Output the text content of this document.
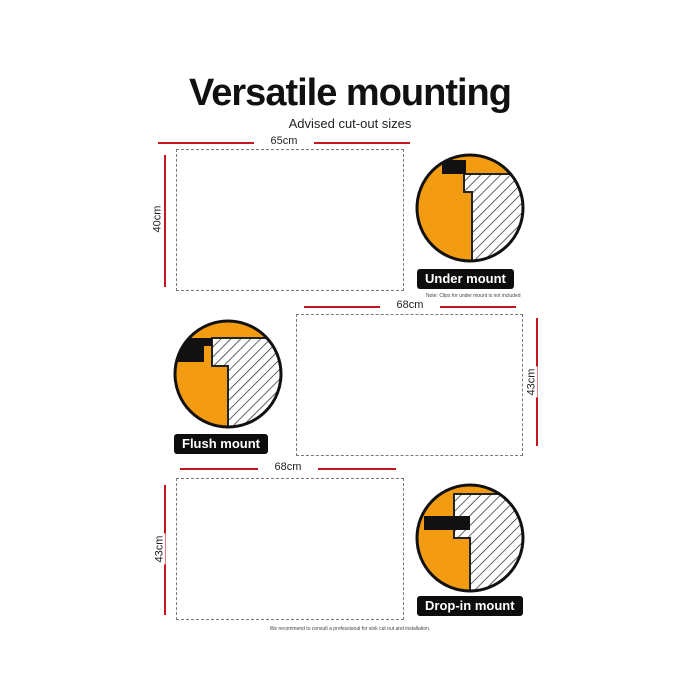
Versatile mounting
Advised cut-out sizes
65cm
40cm
Under mount
Note: Clips for under mount is not included
68cm
43cm
Flush mount
68cm
43cm
Drop-in mount
We recommend to consult a professional for sink cut out and installation.
